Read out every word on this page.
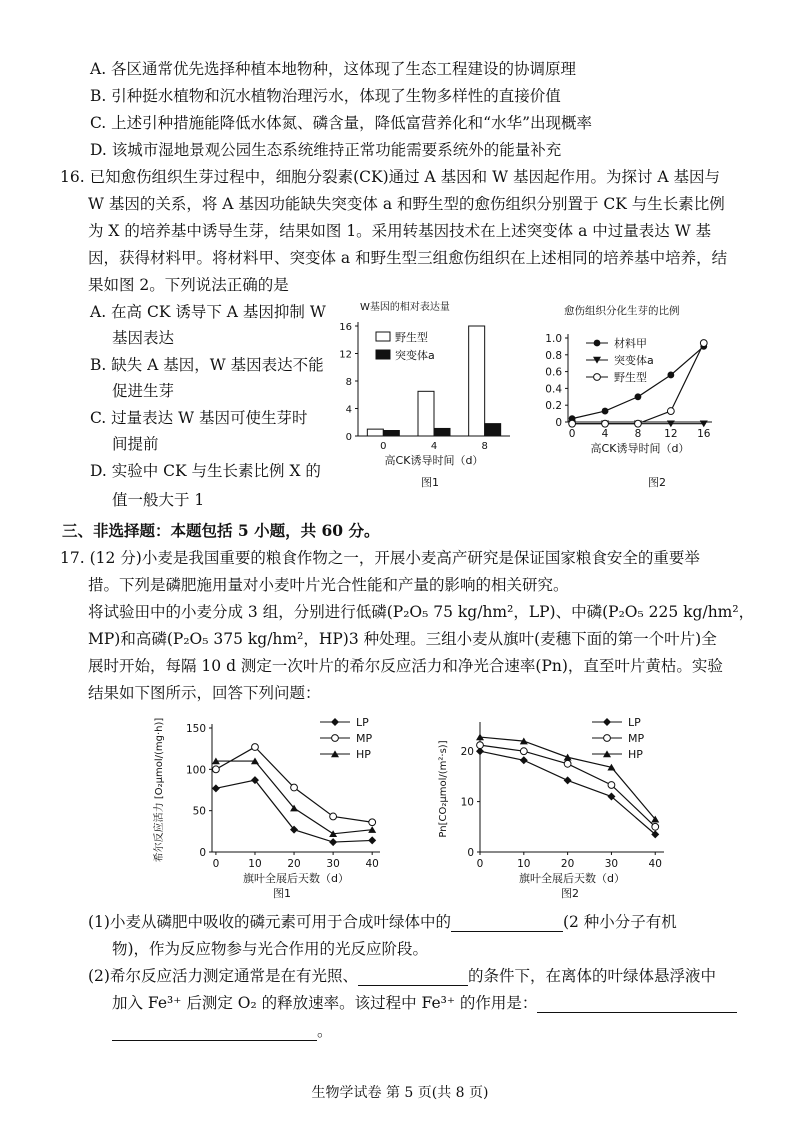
A. 各区通常优先选择种植本地物种，这体现了生态工程建设的协调原理
B. 引种挺水植物和沉水植物治理污水，体现了生物多样性的直接价值
C. 上述引种措施能降低水体氮、磷含量，降低富营养化和“水华”出现概率
D. 该城市湿地景观公园生态系统维持正常功能需要系统外的能量补充
16. 已知愈伤组织生芽过程中，细胞分裂素(CK)通过 A 基因和 W 基因起作用。为探讨 A 基因与
W 基因的关系，将 A 基因功能缺失突变体 a 和野生型的愈伤组织分别置于 CK 与生长素比例
为 X 的培养基中诱导生芽，结果如图 1。采用转基因技术在上述突变体 a 中过量表达 W 基
因，获得材料甲。将材料甲、突变体 a 和野生型三组愈伤组织在上述相同的培养基中培养，结
果如图 2。下列说法正确的是
A. 在高 CK 诱导下 A 基因抑制 W
基因表达
B. 缺失 A 基因，W 基因表达不能
促进生芽
C. 过量表达 W 基因可使生芽时
间提前
D. 实验中 CK 与生长素比例 X 的
值一般大于 1
W基因的相对表达量
0
4
8
12
16
0	4	8
高CK诱导时间（d）
野生型
突变体a
图1
愈伤组织分化生芽的比例
0
0.2
0.4
0.6
0.8
1.0
0 4 8 12 16
高CK诱导时间（d）
材料甲
突变体a
野生型
图2
三、非选择题：本题包括 5 小题，共 60 分。
17. (12 分)小麦是我国重要的粮食作物之一，开展小麦高产研究是保证国家粮食安全的重要举
措。下列是磷肥施用量对小麦叶片光合性能和产量的影响的相关研究。
将试验田中的小麦分成 3 组，分别进行低磷(P₂O₅ 75 kg/hm²，LP)、中磷(P₂O₅ 225 kg/hm²，
MP)和高磷(P₂O₅ 375 kg/hm²，HP)3 种处理。三组小麦从旗叶(麦穗下面的第一个叶片)全
展时开始，每隔 10 d 测定一次叶片的希尔反应活力和净光合速率(Pn)，直至叶片黄枯。实验
结果如下图所示，回答下列问题：
0
50
100
150
0	10 20 30 40
旗叶全展后天数（d）
希尔反应活力 [O₂μmol/(mg·h)]	LP
MP
HP
图1
0
10
20
0	10	20	30	40
旗叶全展后天数（d）
Pn[CO₂μmol/(m²·s)]
LP
MP
HP
图2
(1)小麦从磷肥中吸收的磷元素可用于合成叶绿体中的	(2 种小分子有机
物)，作为反应物参与光合作用的光反应阶段。
(2)希尔反应活力测定通常是在有光照、	的条件下，在离体的叶绿体悬浮液中
加入 Fe³⁺ 后测定 O₂ 的释放速率。该过程中 Fe³⁺ 的作用是：
。
生物学试卷 第 5 页(共 8 页)
